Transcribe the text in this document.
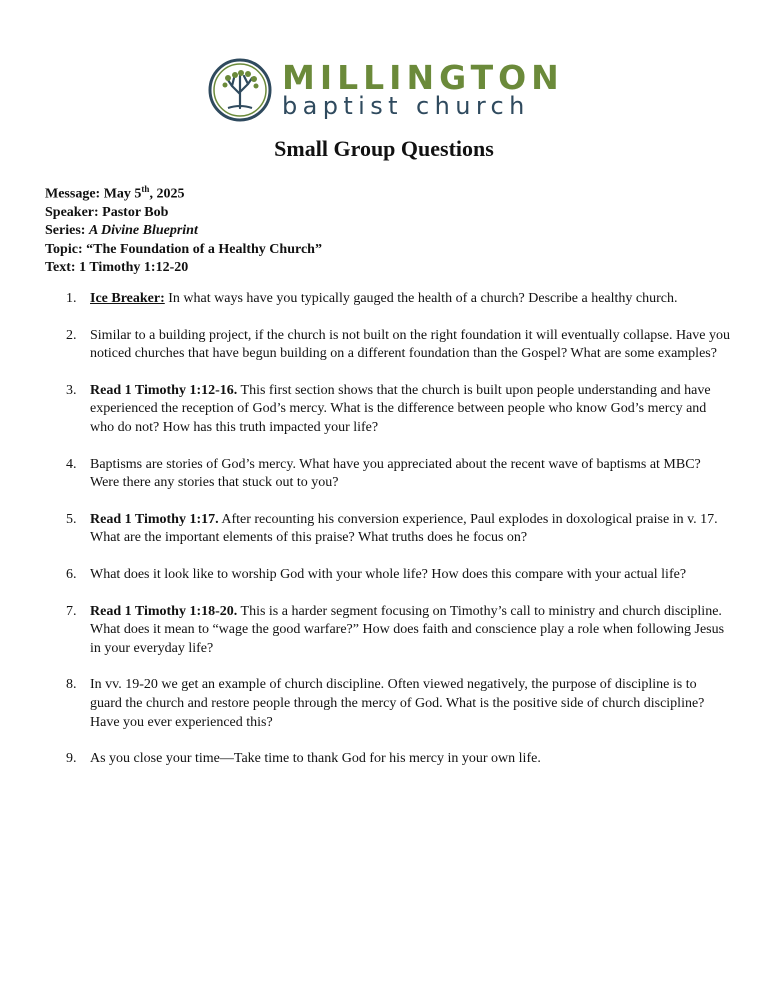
MILLINGTON
baptist church
Small Group Questions
Message: May 5th, 2025
Speaker: Pastor Bob
Series: A Divine Blueprint
Topic: “The Foundation of a Healthy Church”
Text: 1 Timothy 1:12-20
1. Ice Breaker: In what ways have you typically gauged the health of a church? Describe a healthy church.
2. Similar to a building project, if the church is not built on the right foundation it will eventually collapse. Have you noticed churches that have begun building on a different foundation than the Gospel? What are some examples?
3. Read 1 Timothy 1:12-16. This first section shows that the church is built upon people understanding and have experienced the reception of God’s mercy. What is the difference between people who know God’s mercy and who do not? How has this truth impacted your life?
4. Baptisms are stories of God’s mercy. What have you appreciated about the recent wave of baptisms at MBC? Were there any stories that stuck out to you?
5. Read 1 Timothy 1:17. After recounting his conversion experience, Paul explodes in doxological praise in v. 17. What are the important elements of this praise? What truths does he focus on?
6. What does it look like to worship God with your whole life? How does this compare with your actual life?
7. Read 1 Timothy 1:18-20. This is a harder segment focusing on Timothy’s call to ministry and church discipline. What does it mean to “wage the good warfare?” How does faith and conscience play a role when following Jesus in your everyday life?
8. In vv. 19-20 we get an example of church discipline. Often viewed negatively, the purpose of discipline is to guard the church and restore people through the mercy of God. What is the positive side of church discipline? Have you ever experienced this?
9. As you close your time—Take time to thank God for his mercy in your own life.
